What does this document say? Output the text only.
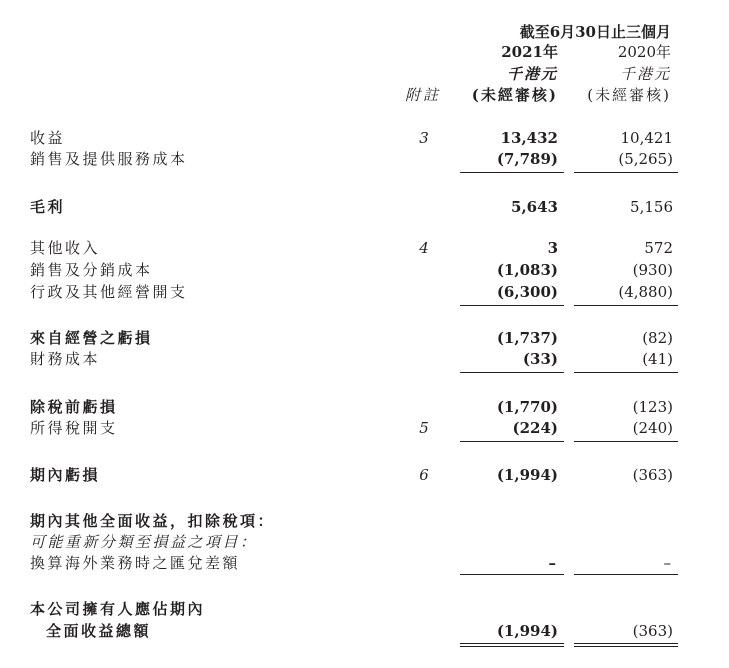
截至6月30日止三個月
2021年	2020年
千港元	千港元
附註 (未經審核) (未經審核)
收益	3	13,432	10,421
銷售及提供服務成本	(7,789)	(5,265)
毛利	5,643	5,156
其他收入	4	3	572
銷售及分銷成本	(1,083)	(930)
行政及其他經營開支	(6,300)	(4,880)
來自經營之虧損	(1,737)	(82)
財務成本	(33)	(41)
除稅前虧損	(1,770)	(123)
所得稅開支	5	(224)	(240)
期內虧損	6	(1,994)	(363)
期內其他全面收益，扣除稅項：
可能重新分類至損益之項目：
換算海外業務時之匯兌差額	–	–
本公司擁有人應佔期內
全面收益總額	(1,994)	(363)
